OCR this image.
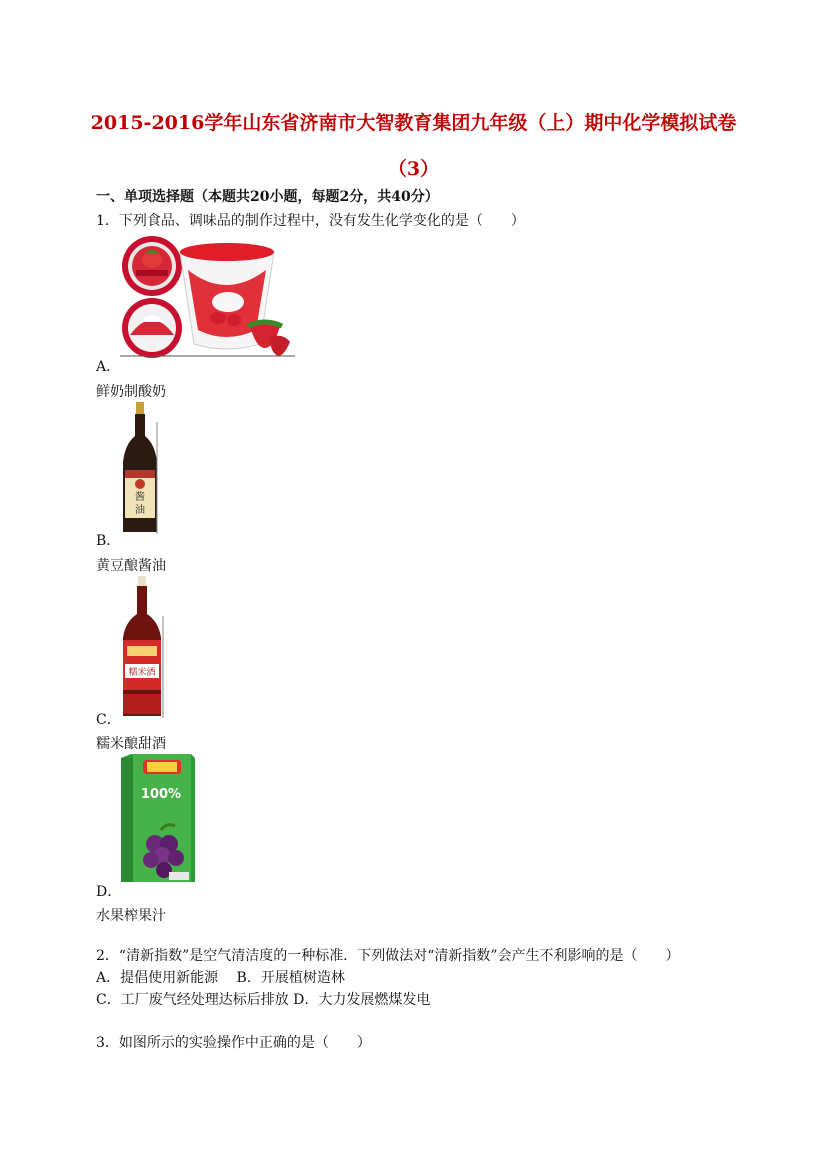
2015-2016学年山东省济南市大智教育集团九年级（上）期中化学模拟试卷
（3）
一、单项选择题（本题共20小题，每题2分，共40分）
1．下列食品、调味品的制作过程中，没有发生化学变化的是（　　）
A．
鲜奶制酸奶
酱
油
B．
黄豆酿酱油
糯米酒
C．
糯米酿甜酒
100%
D．
水果榨果汁
2．“清新指数”是空气清洁度的一种标准．下列做法对“清新指数”会产生不利影响的是（　　）
A．提倡使用新能源　 B．开展植树造林
C．工厂废气经处理达标后排放 D．大力发展燃煤发电
3．如图所示的实验操作中正确的是（　　）
